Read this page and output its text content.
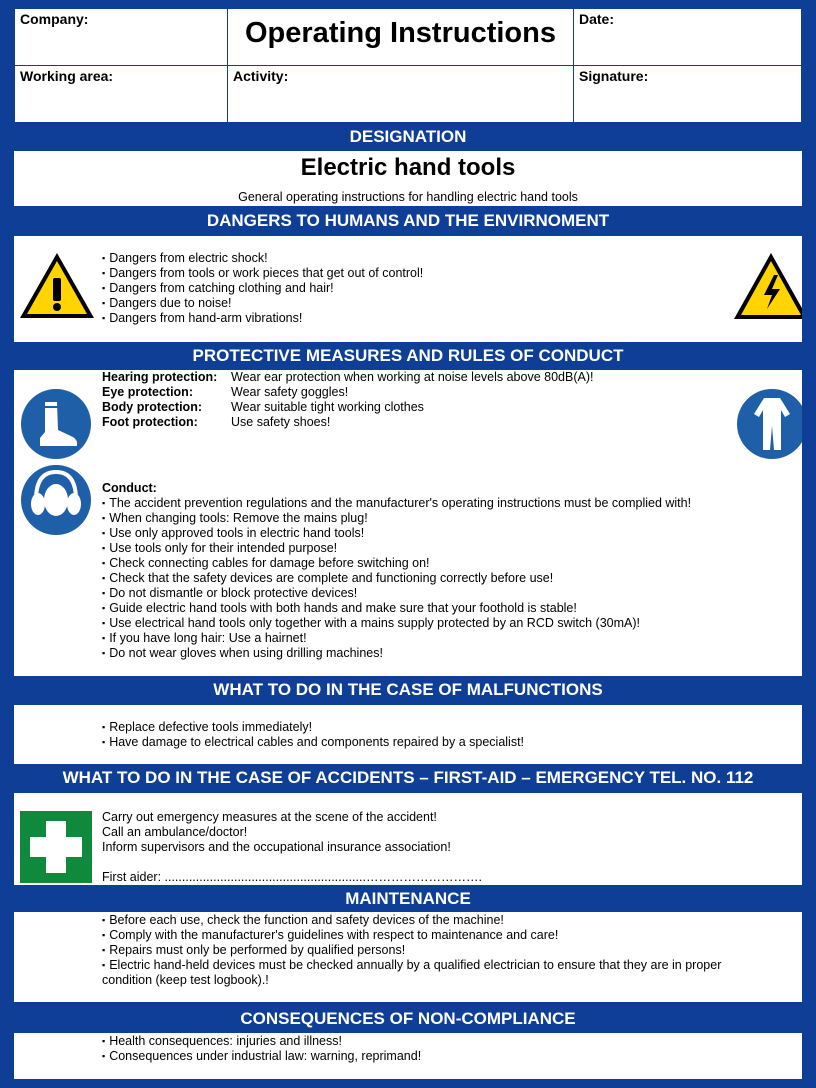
Company:	Operating Instructions	Date:
Working area:	Activity:	Signature:
DESIGNATION
Electric hand tools
General operating instructions for handling electric hand tools
DANGERS TO HUMANS AND THE ENVIRNOMENT
▪ Dangers from electric shock!
▪ Dangers from tools or work pieces that get out of control!
▪ Dangers from catching clothing and hair!
▪ Dangers due to noise!
▪ Dangers from hand-arm vibrations!
PROTECTIVE MEASURES AND RULES OF CONDUCT
Hearing protection: Wear ear protection when working at noise levels above 80dB(A)!
Eye protection:	Wear safety goggles!
Body protection: Wear suitable tight working clothes
Foot protection:	Use safety shoes!
Conduct:
▪ The accident prevention regulations and the manufacturer's operating instructions must be complied with!
▪ When changing tools: Remove the mains plug!
▪ Use only approved tools in electric hand tools!
▪ Use tools only for their intended purpose!
▪ Check connecting cables for damage before switching on!
▪ Check that the safety devices are complete and functioning correctly before use!
▪ Do not dismantle or block protective devices!
▪ Guide electric hand tools with both hands and make sure that your foothold is stable!
▪ Use electrical hand tools only together with a mains supply protected by an RCD switch (30mA)!
▪ If you have long hair: Use a hairnet!
▪ Do not wear gloves when using drilling machines!
WHAT TO DO IN THE CASE OF MALFUNCTIONS
▪ Replace defective tools immediately!
▪ Have damage to electrical cables and components repaired by a specialist!
WHAT TO DO IN THE CASE OF ACCIDENTS – FIRST-AID – EMERGENCY TEL. NO. 112
Carry out emergency measures at the scene of the accident!
Call an ambulance/doctor!
Inform supervisors and the occupational insurance association!
First aider: ..........................................................……………………….
MAINTENANCE
▪ Before each use, check the function and safety devices of the machine!
▪ Comply with the manufacturer's guidelines with respect to maintenance and care!
▪ Repairs must only be performed by qualified persons!
▪ Electric hand-held devices must be checked annually by a qualified electrician to ensure that they are in proper condition (keep test logbook).!
CONSEQUENCES OF NON-COMPLIANCE
▪ Health consequences: injuries and illness!
▪ Consequences under industrial law: warning, reprimand!
